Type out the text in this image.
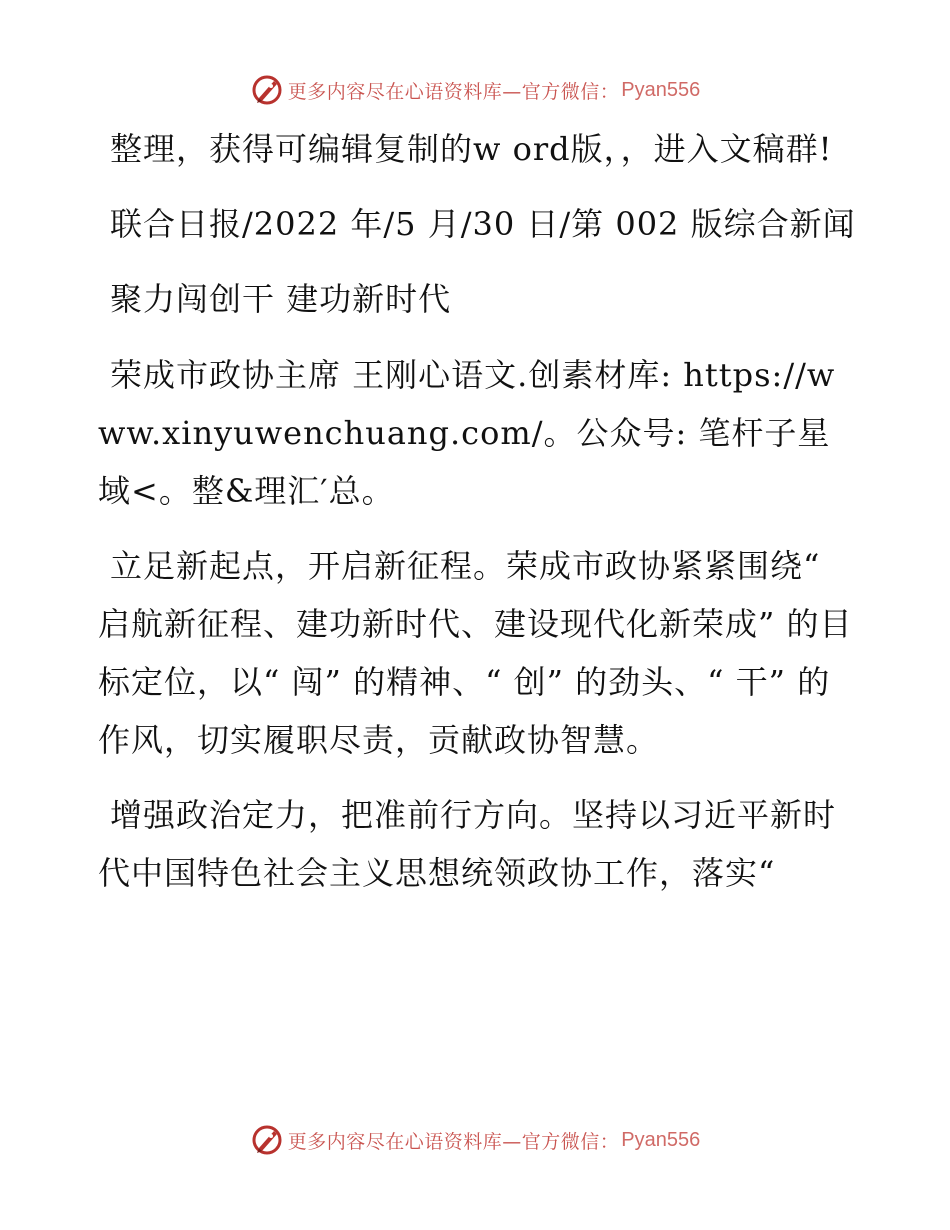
更多内容尽在心语资料库—官方微信： Pyan556

整理，获得可编辑复制的w ord版，，进入文稿群!

联合日报/2022 年/5 月/30 日/第 002 版综合新闻

聚力闯创干 建功新时代

荣成市政协主席 王刚心语文.创素材库: https://www.xinyuwenchuang.com/。公众号: 笔杆子星域<。整&理汇′总。

立足新起点，开启新征程。荣成市政协紧紧围绕“ 启航新征程、建功新时代、建设现代化新荣成” 的目标定位，以“ 闯” 的精神、“ 创” 的劲头、“ 干” 的作风，切实履职尽责，贡献政协智慧。

增强政治定力，把准前行方向。坚持以习近平新时代中国特色社会主义思想统领政协工作，落实“

更多内容尽在心语资料库—官方微信： Pyan556
